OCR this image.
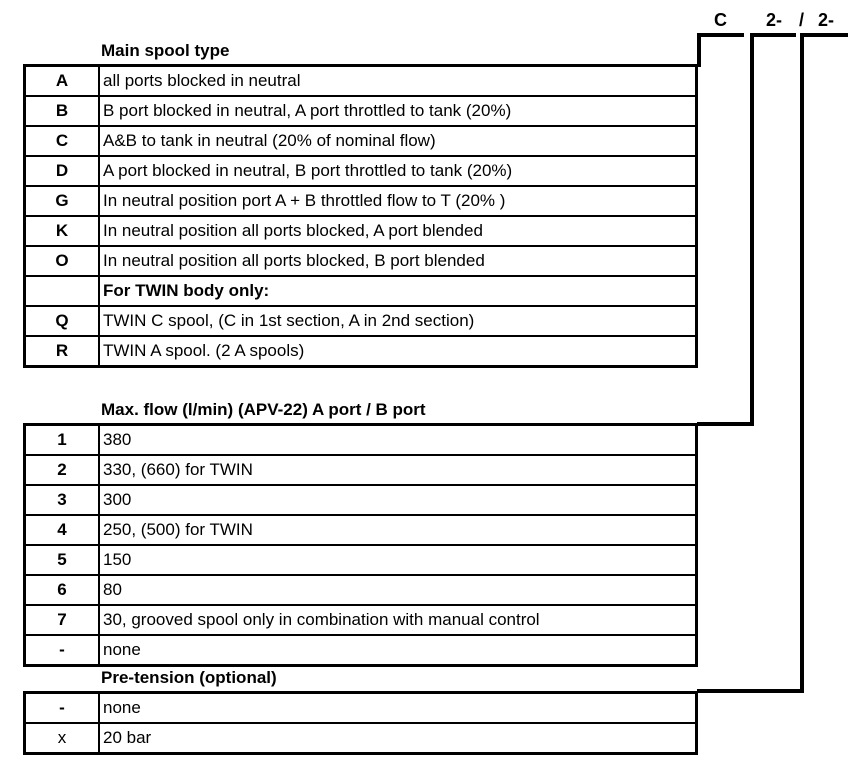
C 2- / 2-
Main spool type
A	all ports blocked in neutral
B	B port blocked in neutral, A port throttled to tank (20%)
C	A&B to tank in neutral (20% of nominal flow)
D	A port blocked in neutral, B port throttled to tank (20%)
G	In neutral position port A + B throttled flow to T (20% )
K	In neutral position all ports blocked, A port blended
O	In neutral position all ports blocked, B port blended
For TWIN body only:
Q	TWIN C spool, (C in 1st section, A in 2nd section)
R	TWIN A spool. (2 A spools)
Max. flow (l/min) (APV-22) A port / B port
1	380
2	330, (660) for TWIN
3	300
4	250, (500) for TWIN
5	150
6	80
7	30, grooved spool only in combination with manual control
-	none
Pre-tension (optional)
-	none
x	20 bar
